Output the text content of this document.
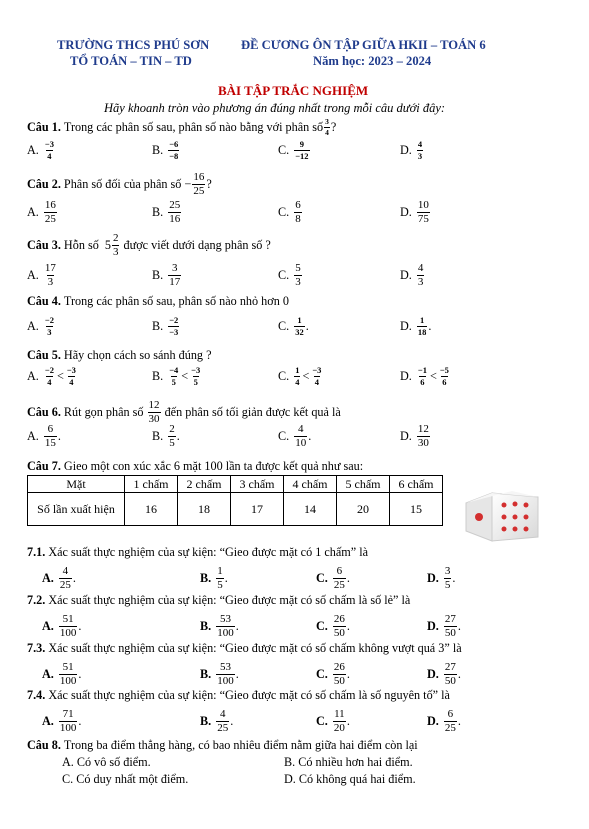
TRƯỜNG THCS PHÚ SƠN
TỔ TOÁN – TIN – TD
ĐỀ CƯƠNG ÔN TẬP GIỮA HKII – TOÁN 6
Năm học: 2023 – 2024
BÀI TẬP TRẮC NGHIỆM
Hãy khoanh tròn vào phương án đúng nhất trong mỗi câu dưới đây:
Câu 1.
Trong các phân số sau, phân số nào bằng với phân số 3
4 ?
A. $\frac{-3}{4}$	B. $\frac{-6}{-8}$	C. $\frac{9}{-12}$	D. $\frac{4}{3}$
Câu 2.
Phân số đối của phân số
− $\frac{16}{25}$ ?
A. $\frac{16}{25}$	B. $\frac{25}{16}$	C. $\frac{6}{8}$	D. $\frac{10}{75}$
Câu 3.
Hỗn số
5 2
3
được viết dưới dạng phân số ?
A. $\frac{17}{3}$	B. $\frac{3}{17}$	C. $\frac{5}{3}$	D. $\frac{4}{3}$
Câu 4. Trong các phân số sau, phân số nào nhỏ hơn 0
A. $\frac{-2}{3}$	B. $\frac{-2}{-3}$	C. $\frac{1}{32}$ .	D. $\frac{1}{18}$ .
Câu 5. Hãy chọn cách so sánh đúng ?
A. $\frac{-2}{4} < \frac{-3}{4}$	B. $\frac{-4}{5} < \frac{-3}{5}$	C. $\frac{1}{4} < \frac{-3}{4}$	D. $\frac{-1}{6} < \frac{-5}{6}$
Câu 6.
Rút gọn phân số
12
30
đến phân số tối giản được kết quả là
A. $\frac{6}{15}$ .	B. $\frac{2}{5}$ .	C. $\frac{4}{10}$ .	D. $\frac{12}{30}$
Câu 7. Gieo một con xúc xắc 6 mặt 100 lần ta được kết quả như sau:
Mặt	1 chấm	2 chấm	3 chấm	4 chấm	5 chấm	6 chấm
Số lần xuất hiện	16	18	17	14	20	15
7.1. Xác suất thực nghiệm của sự kiện: “Gieo được mặt có 1 chấm” là
A. $\frac{4}{25}$ .	B. $\frac{1}{5}$ .	C. $\frac{6}{25}$ .	D. $\frac{3}{5}$ .
7.2. Xác suất thực nghiệm của sự kiện: “Gieo được mặt có số chấm là số lẻ” là
A. $\frac{51}{100}$ .	B. $\frac{53}{100}$ .	C. $\frac{26}{50}$ .	D. $\frac{27}{50}$ .
7.3. Xác suất thực nghiệm của sự kiện: “Gieo được mặt có số chấm không vượt quá 3” là
A. $\frac{51}{100}$ .	B. $\frac{53}{100}$ .	C. $\frac{26}{50}$ .	D. $\frac{27}{50}$ .
7.4. Xác suất thực nghiệm của sự kiện: “Gieo được mặt có số chấm là số nguyên tố” là
A. $\frac{71}{100}$ .	B. $\frac{4}{25}$ .	C. $\frac{11}{20}$ .	D. $\frac{6}{25}$ .
Câu 8. Trong ba điểm thẳng hàng, có bao nhiêu điểm nằm giữa hai điểm còn lại
A. Có vô số điểm.	B. Có nhiều hơn hai điểm.
C. Có duy nhất một điểm.	D. Có không quá hai điểm.
